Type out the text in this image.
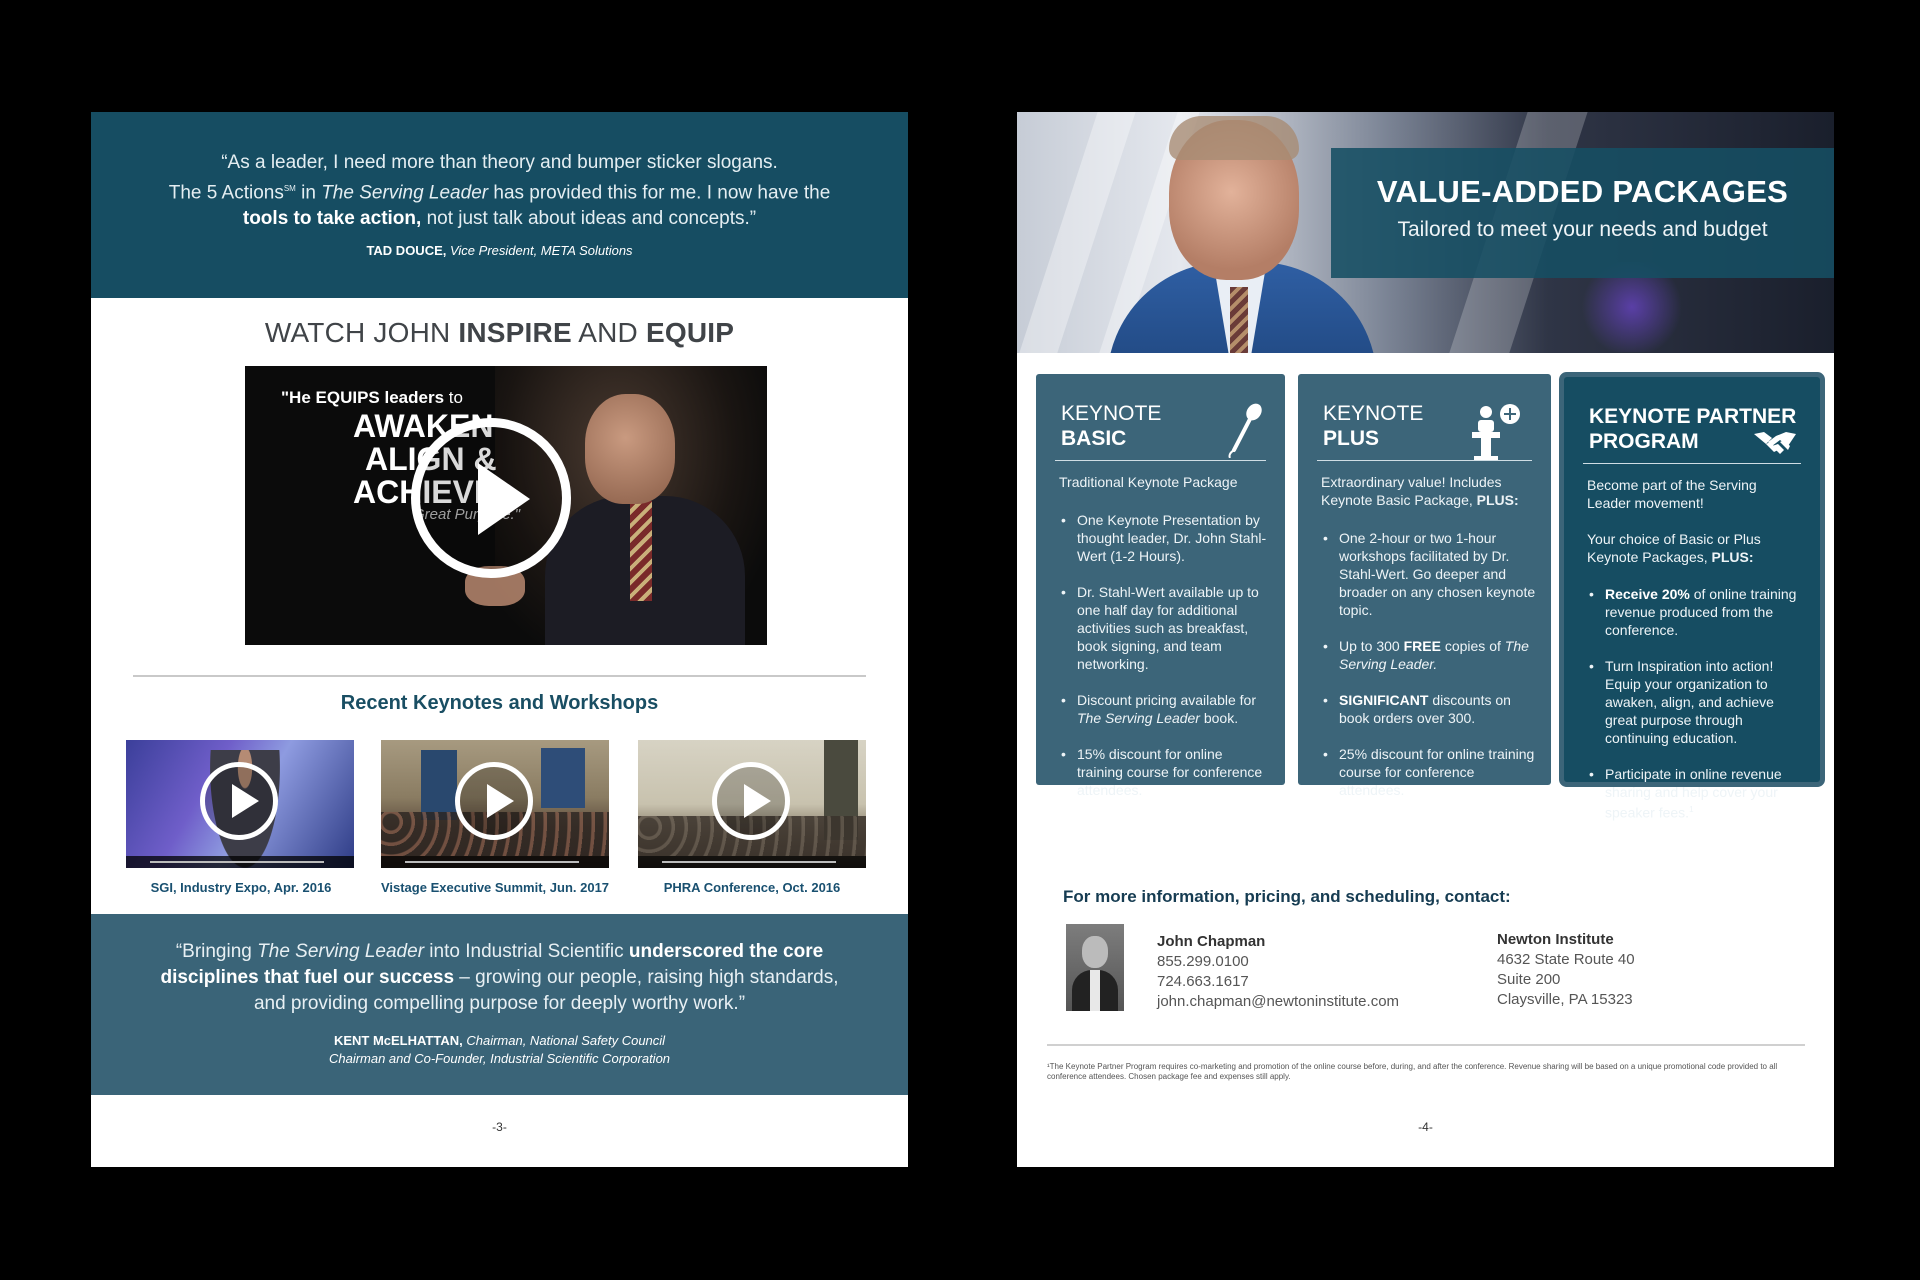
“As a leader, I need more than theory and bumper sticker slogans.
The 5 Actions℠ in The Serving Leader has provided this for me. I now have the
tools to take action, not just talk about ideas and concepts.”
TAD DOUCE, Vice President, META Solutions
WATCH JOHN INSPIRE AND EQUIP
"He EQUIPS leaders to
AWAKEN
ALIGN &
ACHIEVE
Great Purpose."
Recent Keynotes and Workshops
SGI, Industry Expo, Apr. 2016	Vistage Executive Summit, Jun. 2017	PHRA Conference, Oct. 2016
“Bringing The Serving Leader into Industrial Scientific underscored the core
disciplines that fuel our success – growing our people, raising high standards,
and providing compelling purpose for deeply worthy work.”
KENT McELHATTAN, Chairman, National Safety Council
Chairman and Co-Founder, Industrial Scientific Corporation
-3-
VALUE-ADDED PACKAGES
Tailored to meet your needs and budget
KEYNOTE
BASIC
Traditional Keynote Package
• One Keynote Presentation by thought leader, Dr. John Stahl-Wert (1-2 Hours).
• Dr. Stahl-Wert available up to one half day for additional activities such as breakfast, book signing, and team networking.
• Discount pricing available for The Serving Leader book.
• 15% discount for online training course for conference attendees.
KEYNOTE
PLUS
Extraordinary value! Includes Keynote Basic Package, PLUS:
• One 2-hour or two 1-hour workshops facilitated by Dr. Stahl-Wert. Go deeper and broader on any chosen keynote topic.
• Up to 300 FREE copies of The Serving Leader.
• SIGNIFICANT discounts on book orders over 300.
• 25% discount for online training course for conference attendees.
KEYNOTE PARTNER
PROGRAM
Become part of the Serving Leader movement!

Your choice of Basic or Plus Keynote Packages, PLUS:
• Receive 20% of online training revenue produced from the conference.
• Turn Inspiration into action! Equip your organization to awaken, align, and achieve great purpose through continuing education.
• Participate in online revenue sharing and help cover your speaker fees.$^1$
For more information, pricing, and scheduling, contact:
John Chapman
855.299.0100
724.663.1617
john.chapman@newtoninstitute.com
Newton Institute
4632 State Route 40
Suite 200
Claysville, PA 15323
¹The Keynote Partner Program requires co-marketing and promotion of the online course before, during, and after the conference. Revenue sharing will be based on a unique promotional code provided to all conference attendees. Chosen package fee and expenses still apply.
-4-
